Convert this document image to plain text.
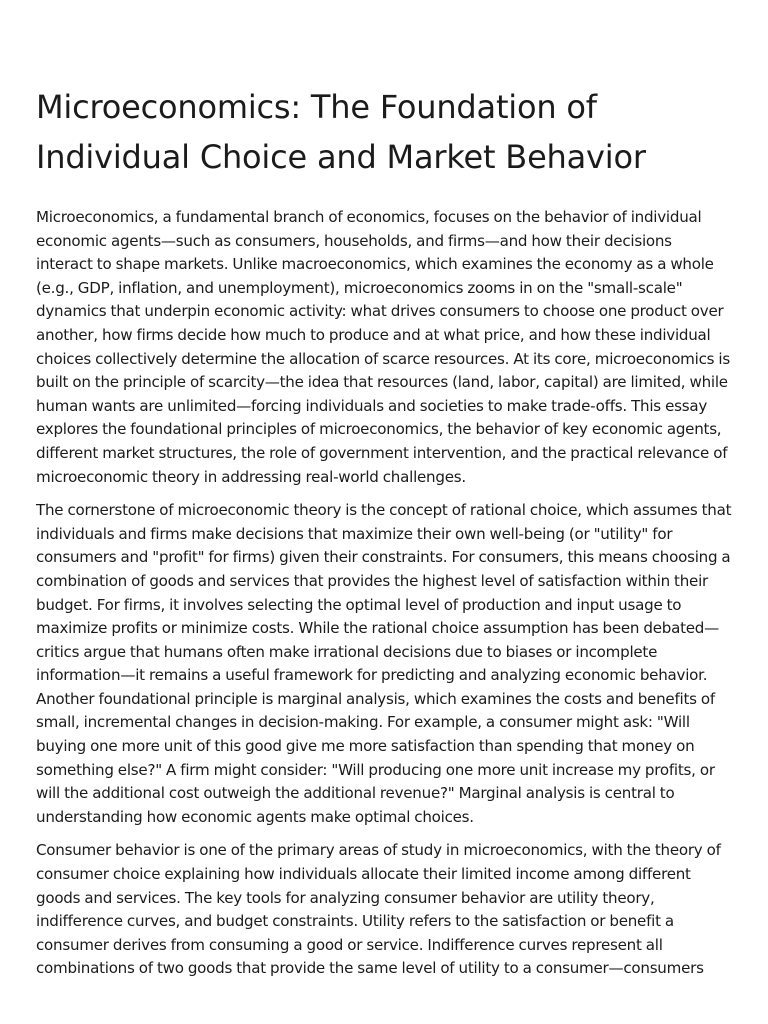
Microeconomics: The Foundation of Individual Choice and Market Behavior

Microeconomics, a fundamental branch of economics, focuses on the behavior of individual economic agents—such as consumers, households, and firms—and how their decisions interact to shape markets. Unlike macroeconomics, which examines the economy as a whole (e.g., GDP, inflation, and unemployment), microeconomics zooms in on the "small-scale" dynamics that underpin economic activity: what drives consumers to choose one product over another, how firms decide how much to produce and at what price, and how these individual choices collectively determine the allocation of scarce resources. At its core, microeconomics is built on the principle of scarcity—the idea that resources (land, labor, capital) are limited, while human wants are unlimited—forcing individuals and societies to make trade-offs. This essay explores the foundational principles of microeconomics, the behavior of key economic agents, different market structures, the role of government intervention, and the practical relevance of microeconomic theory in addressing real-world challenges.

The cornerstone of microeconomic theory is the concept of rational choice, which assumes that individuals and firms make decisions that maximize their own well-being (or "utility" for consumers and "profit" for firms) given their constraints. For consumers, this means choosing a combination of goods and services that provides the highest level of satisfaction within their budget. For firms, it involves selecting the optimal level of production and input usage to maximize profits or minimize costs. While the rational choice assumption has been debated—critics argue that humans often make irrational decisions due to biases or incomplete information—it remains a useful framework for predicting and analyzing economic behavior. Another foundational principle is marginal analysis, which examines the costs and benefits of small, incremental changes in decision-making. For example, a consumer might ask: "Will buying one more unit of this good give me more satisfaction than spending that money on something else?" A firm might consider: "Will producing one more unit increase my profits, or will the additional cost outweigh the additional revenue?" Marginal analysis is central to understanding how economic agents make optimal choices.

Consumer behavior is one of the primary areas of study in microeconomics, with the theory of consumer choice explaining how individuals allocate their limited income among different goods and services. The key tools for analyzing consumer behavior are utility theory, indifference curves, and budget constraints. Utility refers to the satisfaction or benefit a consumer derives from consuming a good or service. Indifference curves represent all combinations of two goods that provide the same level of utility to a consumer—consumers
